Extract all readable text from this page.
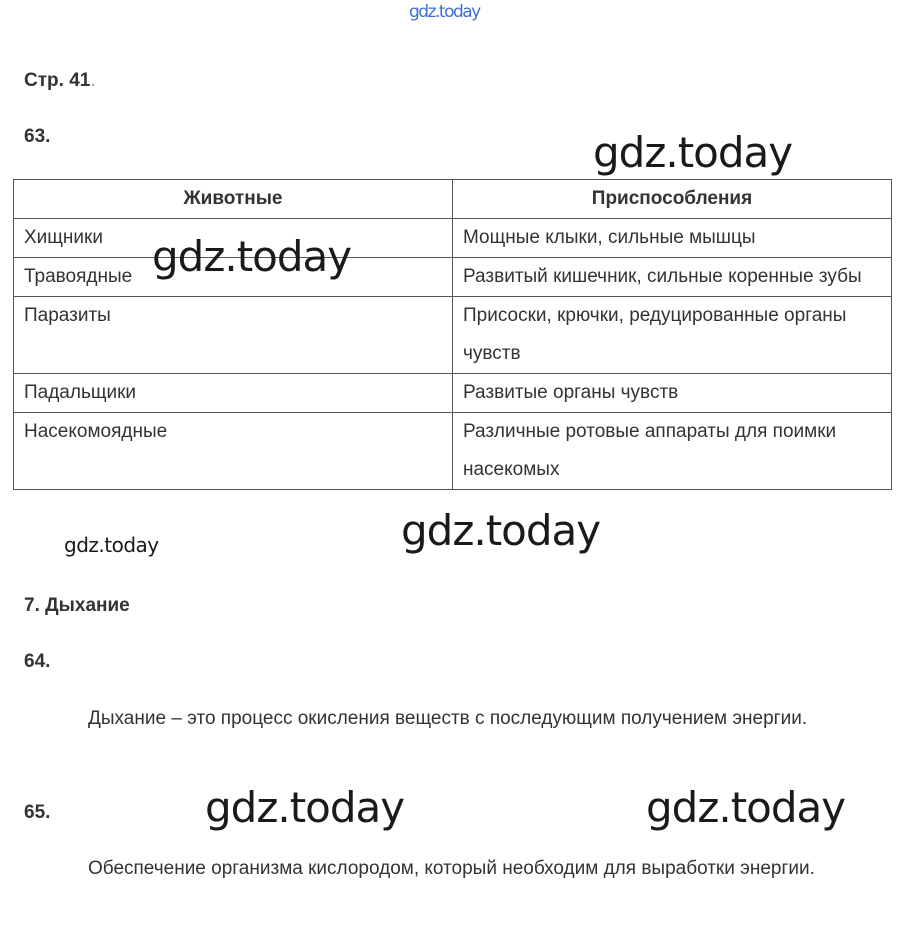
gdz.today
Стр. 41.
63.
Животные	Приспособления
Хищники	Мощные клыки, сильные мышцы
Травоядные	Развитый кишечник, сильные коренные зубы
Паразиты	Присоски, крючки, редуцированные органы чувств
Падальщики	Развитые органы чувств
Насекомоядные	Различные ротовые аппараты для поимки насекомых
gdz.today
gdz.today
gdz.today
gdz.today
7. Дыхание
64.
Дыхание – это процесс окисления веществ с последующим получением энергии.
65.	gdz.today	gdz.today
Обеспечение организма кислородом, который необходим для выработки энергии.
